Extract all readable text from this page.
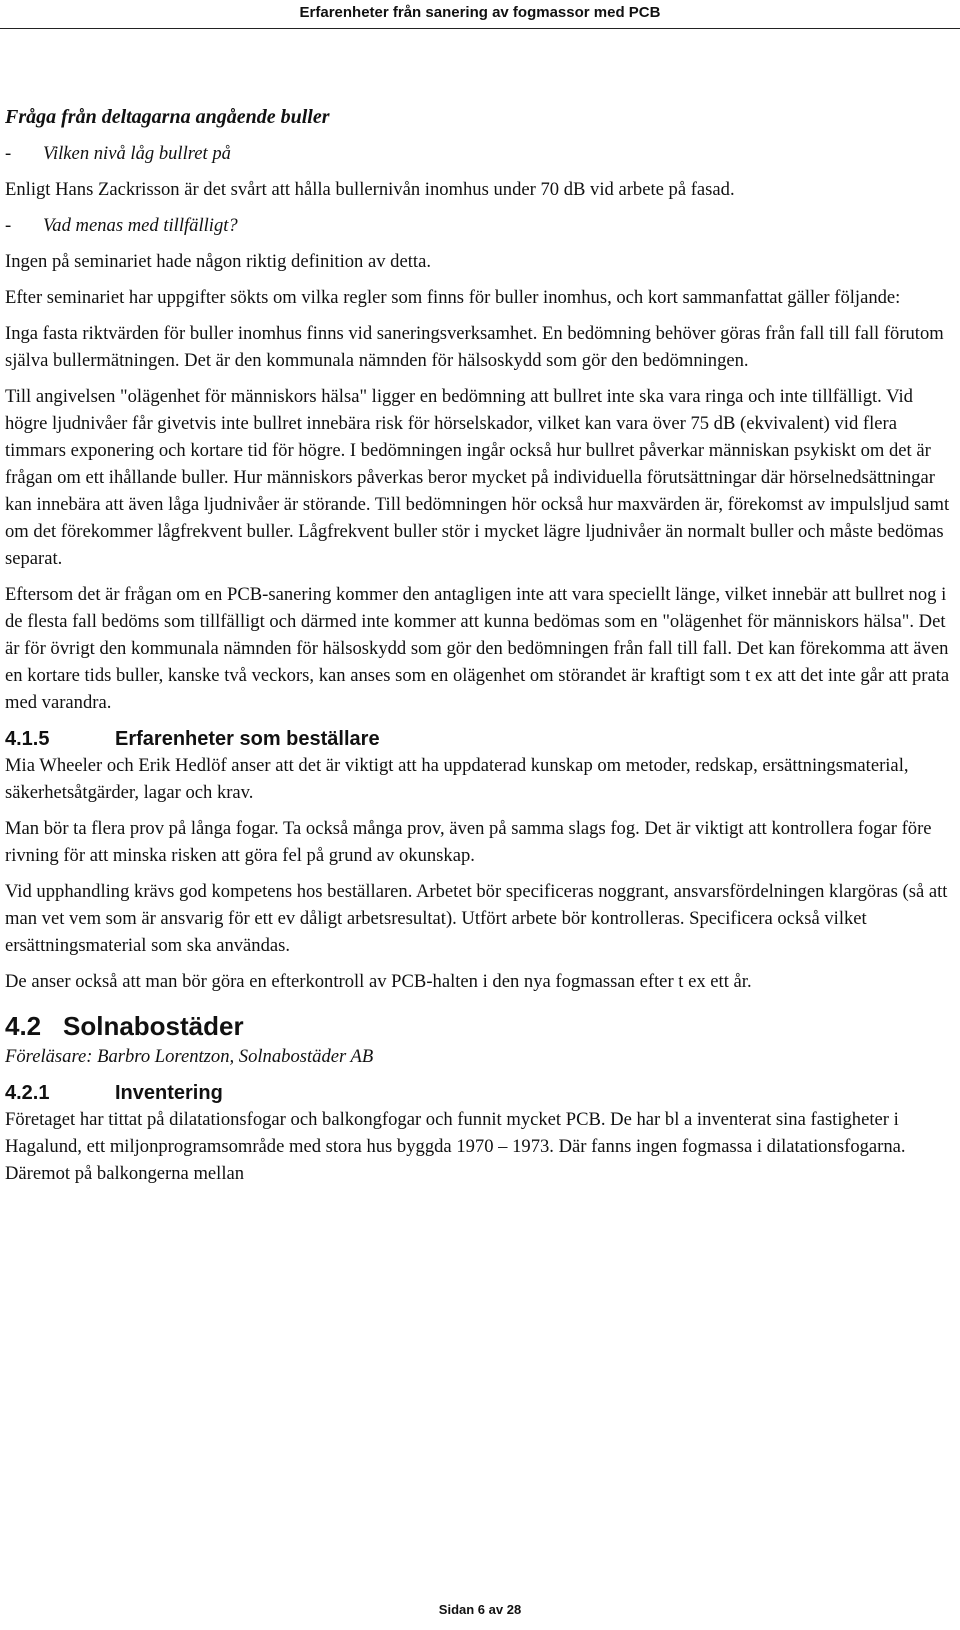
Erfarenheter från sanering av fogmassor med PCB

Fråga från deltagarna angående buller

-	Vilken nivå låg bullret på

Enligt Hans Zackrisson är det svårt att hålla bullernivån inomhus under 70 dB vid arbete på fasad.

-	Vad menas med tillfälligt?

Ingen på seminariet hade någon riktig definition av detta.

Efter seminariet har uppgifter sökts om vilka regler som finns för buller inomhus, och kort sammanfattat gäller följande:

Inga fasta riktvärden för buller inomhus finns vid saneringsverksamhet. En bedömning behöver göras från fall till fall förutom själva bullermätningen. Det är den kommunala nämnden för hälsoskydd som gör den bedömningen.

Till angivelsen "olägenhet för människors hälsa" ligger en bedömning att bullret inte ska vara ringa och inte tillfälligt. Vid högre ljudnivåer får givetvis inte bullret innebära risk för hörselskador, vilket kan vara över 75 dB (ekvivalent) vid flera timmars exponering och kortare tid för högre. I bedömningen ingår också hur bullret påverkar människan psykiskt om det är frågan om ett ihållande buller. Hur människors påverkas beror mycket på individuella förutsättningar där hörselnedsättningar kan innebära att även låga ljudnivåer är störande. Till bedömningen hör också hur maxvärden är, förekomst av impulsljud samt om det förekommer lågfrekvent buller. Lågfrekvent buller stör i mycket lägre ljudnivåer än normalt buller och måste bedömas separat.

Eftersom det är frågan om en PCB-sanering kommer den antagligen inte att vara speciellt länge, vilket innebär att bullret nog i de flesta fall bedöms som tillfälligt och därmed inte kommer att kunna bedömas som en "olägenhet för människors hälsa". Det är för övrigt den kommunala nämnden för hälsoskydd som gör den bedömningen från fall till fall. Det kan förekomma att även en kortare tids buller, kanske två veckors, kan anses som en olägenhet om störandet är kraftigt som t ex att det inte går att prata med varandra.

4.1.5	Erfarenheter som beställare

Mia Wheeler och Erik Hedlöf anser att det är viktigt att ha uppdaterad kunskap om metoder, redskap, ersättningsmaterial, säkerhetsåtgärder, lagar och krav.

Man bör ta flera prov på långa fogar. Ta också många prov, även på samma slags fog. Det är viktigt att kontrollera fogar före rivning för att minska risken att göra fel på grund av okunskap.

Vid upphandling krävs god kompetens hos beställaren. Arbetet bör specificeras noggrant, ansvarsfördelningen klargöras (så att man vet vem som är ansvarig för ett ev dåligt arbetsresultat). Utfört arbete bör kontrolleras. Specificera också vilket ersättningsmaterial som ska användas.

De anser också att man bör göra en efterkontroll av PCB-halten i den nya fogmassan efter t ex ett år.

4.2 Solnabostäder

Föreläsare: Barbro Lorentzon, Solnabostäder AB

4.2.1	Inventering

Företaget har tittat på dilatationsfogar och balkongfogar och funnit mycket PCB. De har bl a inventerat sina fastigheter i Hagalund, ett miljonprogramsområde med stora hus byggda 1970 – 1973. Där fanns ingen fogmassa i dilatationsfogarna. Däremot på balkongerna mellan

Sidan 6 av 28
